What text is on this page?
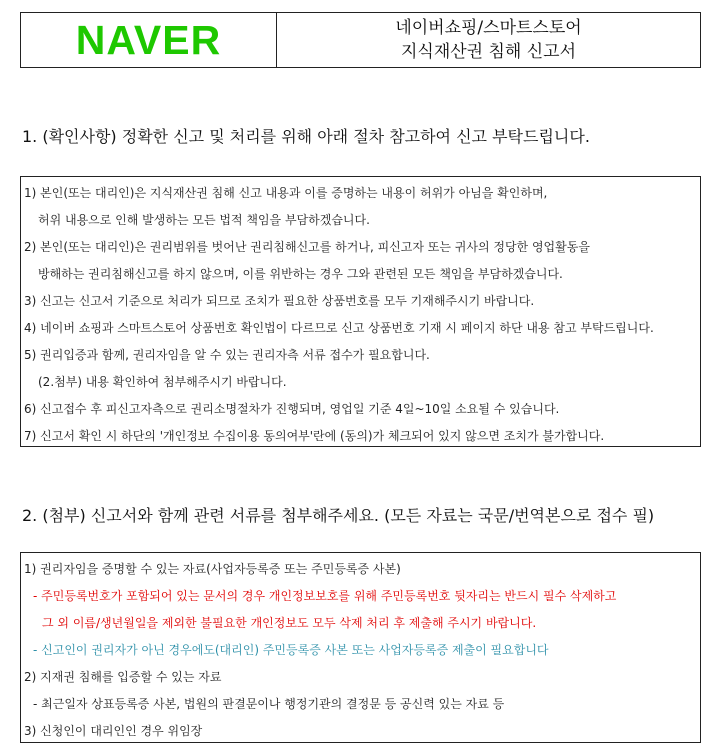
NAVER	네이버쇼핑/스마트스토어
지식재산권 침해 신고서
1. (확인사항) 정확한 신고 및 처리를 위해 아래 절차 참고하여 신고 부탁드립니다.
1) 본인(또는 대리인)은 지식재산권 침해 신고 내용과 이를 증명하는 내용이 허위가 아님을 확인하며,
허위 내용으로 인해 발생하는 모든 법적 책임을 부담하겠습니다.
2) 본인(또는 대리인)은 권리범위를 벗어난 권리침해신고를 하거나, 피신고자 또는 귀사의 정당한 영업활동을
방해하는 권리침해신고를 하지 않으며, 이를 위반하는 경우 그와 관련된 모든 책임을 부담하겠습니다.
3) 신고는 신고서 기준으로 처리가 되므로 조치가 필요한 상품번호를 모두 기재해주시기 바랍니다.
4) 네이버 쇼핑과 스마트스토어 상품번호 확인법이 다르므로 신고 상품번호 기재 시 페이지 하단 내용 참고 부탁드립니다.
5) 권리입증과 함께, 권리자임을 알 수 있는 권리자측 서류 접수가 필요합니다.
(2.첨부) 내용 확인하여 첨부해주시기 바랍니다.
6) 신고접수 후 피신고자측으로 권리소명절차가 진행되며, 영업일 기준 4일~10일 소요될 수 있습니다.
7) 신고서 확인 시 하단의 '개인정보 수집이용 동의여부'란에 (동의)가 체크되어 있지 않으면 조치가 불가합니다.
2. (첨부) 신고서와 함께 관련 서류를 첨부해주세요. (모든 자료는 국문/번역본으로 접수 필)
1) 권리자임을 증명할 수 있는 자료(사업자등록증 또는 주민등록증 사본)
- 주민등록번호가 포함되어 있는 문서의 경우 개인정보보호를 위해 주민등록번호 뒷자리는 반드시 필수 삭제하고
그 외 이름/생년월일을 제외한 불필요한 개인정보도 모두 삭제 처리 후 제출해 주시기 바랍니다.
- 신고인이 권리자가 아닌 경우에도(대리인) 주민등록증 사본 또는 사업자등록증 제출이 필요합니다
2) 지재권 침해를 입증할 수 있는 자료
- 최근일자 상표등록증 사본, 법원의 판결문이나 행정기관의 결정문 등 공신력 있는 자료 등
3) 신청인이 대리인인 경우 위임장
